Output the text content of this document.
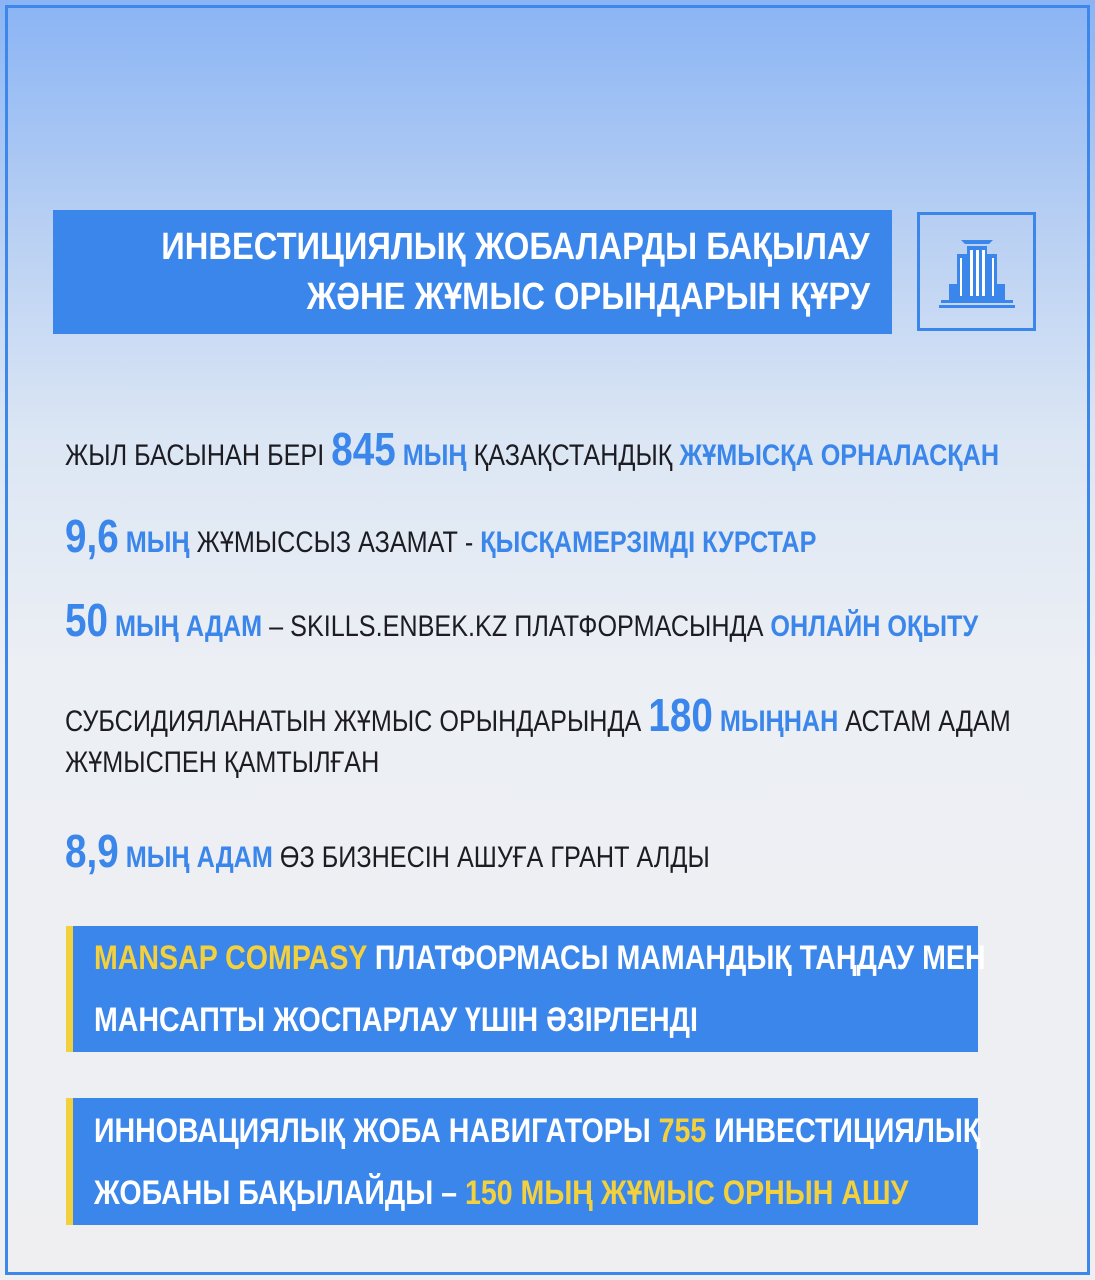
ИНВЕСТИЦИЯЛЫҚ ЖОБАЛАРДЫ БАҚЫЛАУ
ЖӘНЕ ЖҰМЫС ОРЫНДАРЫН ҚҰРУ
ЖЫЛ БАСЫНАН БЕРІ 845 МЫҢ ҚАЗАҚСТАНДЫҚ ЖҰМЫСҚА ОРНАЛАСҚАН
9,6 МЫҢ ЖҰМЫССЫЗ АЗАМАТ - ҚЫСҚАМЕРЗІМДІ КУРСТАР
50 МЫҢ АДАМ – SKILLS.ENBEK.KZ ПЛАТФОРМАСЫНДА ОНЛАЙН ОҚЫТУ
СУБСИДИЯЛАНАТЫН ЖҰМЫС ОРЫНДАРЫНДА 180 МЫҢНАН АСТАМ АДАМ
ЖҰМЫСПЕН ҚАМТЫЛҒАН
8,9 МЫҢ АДАМ ӨЗ БИЗНЕСІН АШУҒА ГРАНТ АЛДЫ
MANSAP COMPASY ПЛАТФОРМАСЫ МАМАНДЫҚ ТАҢДАУ МЕН
МАНСАПТЫ ЖОСПАРЛАУ ҮШІН ӘЗІРЛЕНДІ
ИННОВАЦИЯЛЫҚ ЖОБА НАВИГАТОРЫ 755 ИНВЕСТИЦИЯЛЫҚ
ЖОБАНЫ БАҚЫЛАЙДЫ – 150 МЫҢ ЖҰМЫС ОРНЫН АШУ
